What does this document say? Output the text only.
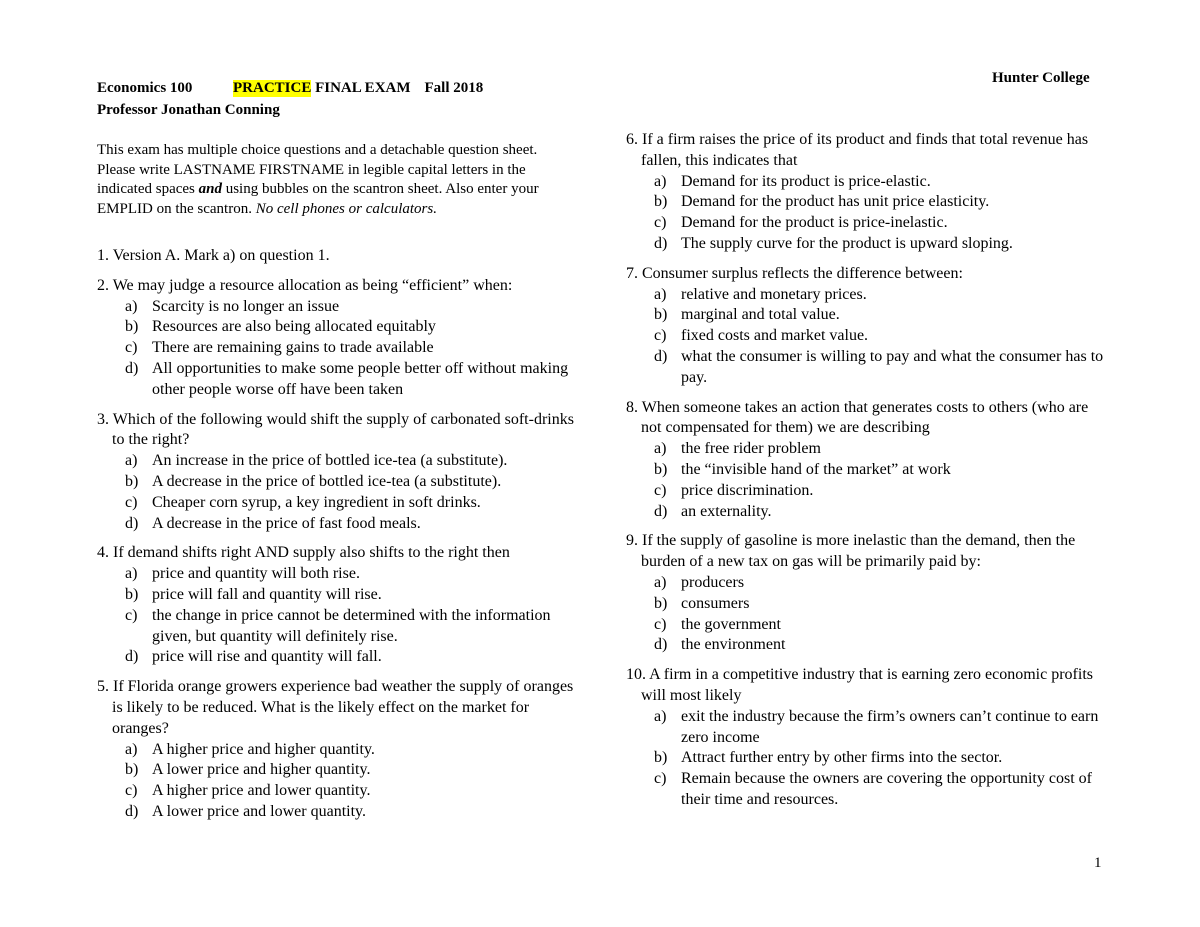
Economics 100	PRACTICE FINAL EXAM Fall 2018
Professor Jonathan Conning
Hunter College
This exam has multiple choice questions and a detachable question sheet. Please write LASTNAME FIRSTNAME in legible capital letters in the indicated spaces and using bubbles on the scantron sheet. Also enter your EMPLID on the scantron. No cell phones or calculators.
1. Version A. Mark a) on question 1.
2. We may judge a resource allocation as being “efficient” when:
a) Scarcity is no longer an issue
b) Resources are also being allocated equitably
c) There are remaining gains to trade available
d) All opportunities to make some people better off without making other people worse off have been taken
3. Which of the following would shift the supply of carbonated soft-drinks to the right?
a) An increase in the price of bottled ice-tea (a substitute).
b) A decrease in the price of bottled ice-tea (a substitute).
c) Cheaper corn syrup, a key ingredient in soft drinks.
d) A decrease in the price of fast food meals.
4. If demand shifts right AND supply also shifts to the right then
a) price and quantity will both rise.
b) price will fall and quantity will rise.
c) the change in price cannot be determined with the information given, but quantity will definitely rise.
d) price will rise and quantity will fall.
5. If Florida orange growers experience bad weather the supply of oranges is likely to be reduced. What is the likely effect on the market for oranges?
a) A higher price and higher quantity.
b) A lower price and higher quantity.
c) A higher price and lower quantity.
d) A lower price and lower quantity.
6. If a firm raises the price of its product and finds that total revenue has fallen, this indicates that
a) Demand for its product is price-elastic.
b) Demand for the product has unit price elasticity.
c) Demand for the product is price-inelastic.
d) The supply curve for the product is upward sloping.
7. Consumer surplus reflects the difference between:
a) relative and monetary prices.
b) marginal and total value.
c) fixed costs and market value.
d) what the consumer is willing to pay and what the consumer has to pay.
8. When someone takes an action that generates costs to others (who are not compensated for them) we are describing
a) the free rider problem
b) the “invisible hand of the market” at work
c) price discrimination.
d) an externality.
9. If the supply of gasoline is more inelastic than the demand, then the burden of a new tax on gas will be primarily paid by:
a) producers
b) consumers
c) the government
d) the environment
10. A firm in a competitive industry that is earning zero economic profits will most likely
a) exit the industry because the firm’s owners can’t continue to earn zero income
b) Attract further entry by other firms into the sector.
c) Remain because the owners are covering the opportunity cost of their time and resources.
1
